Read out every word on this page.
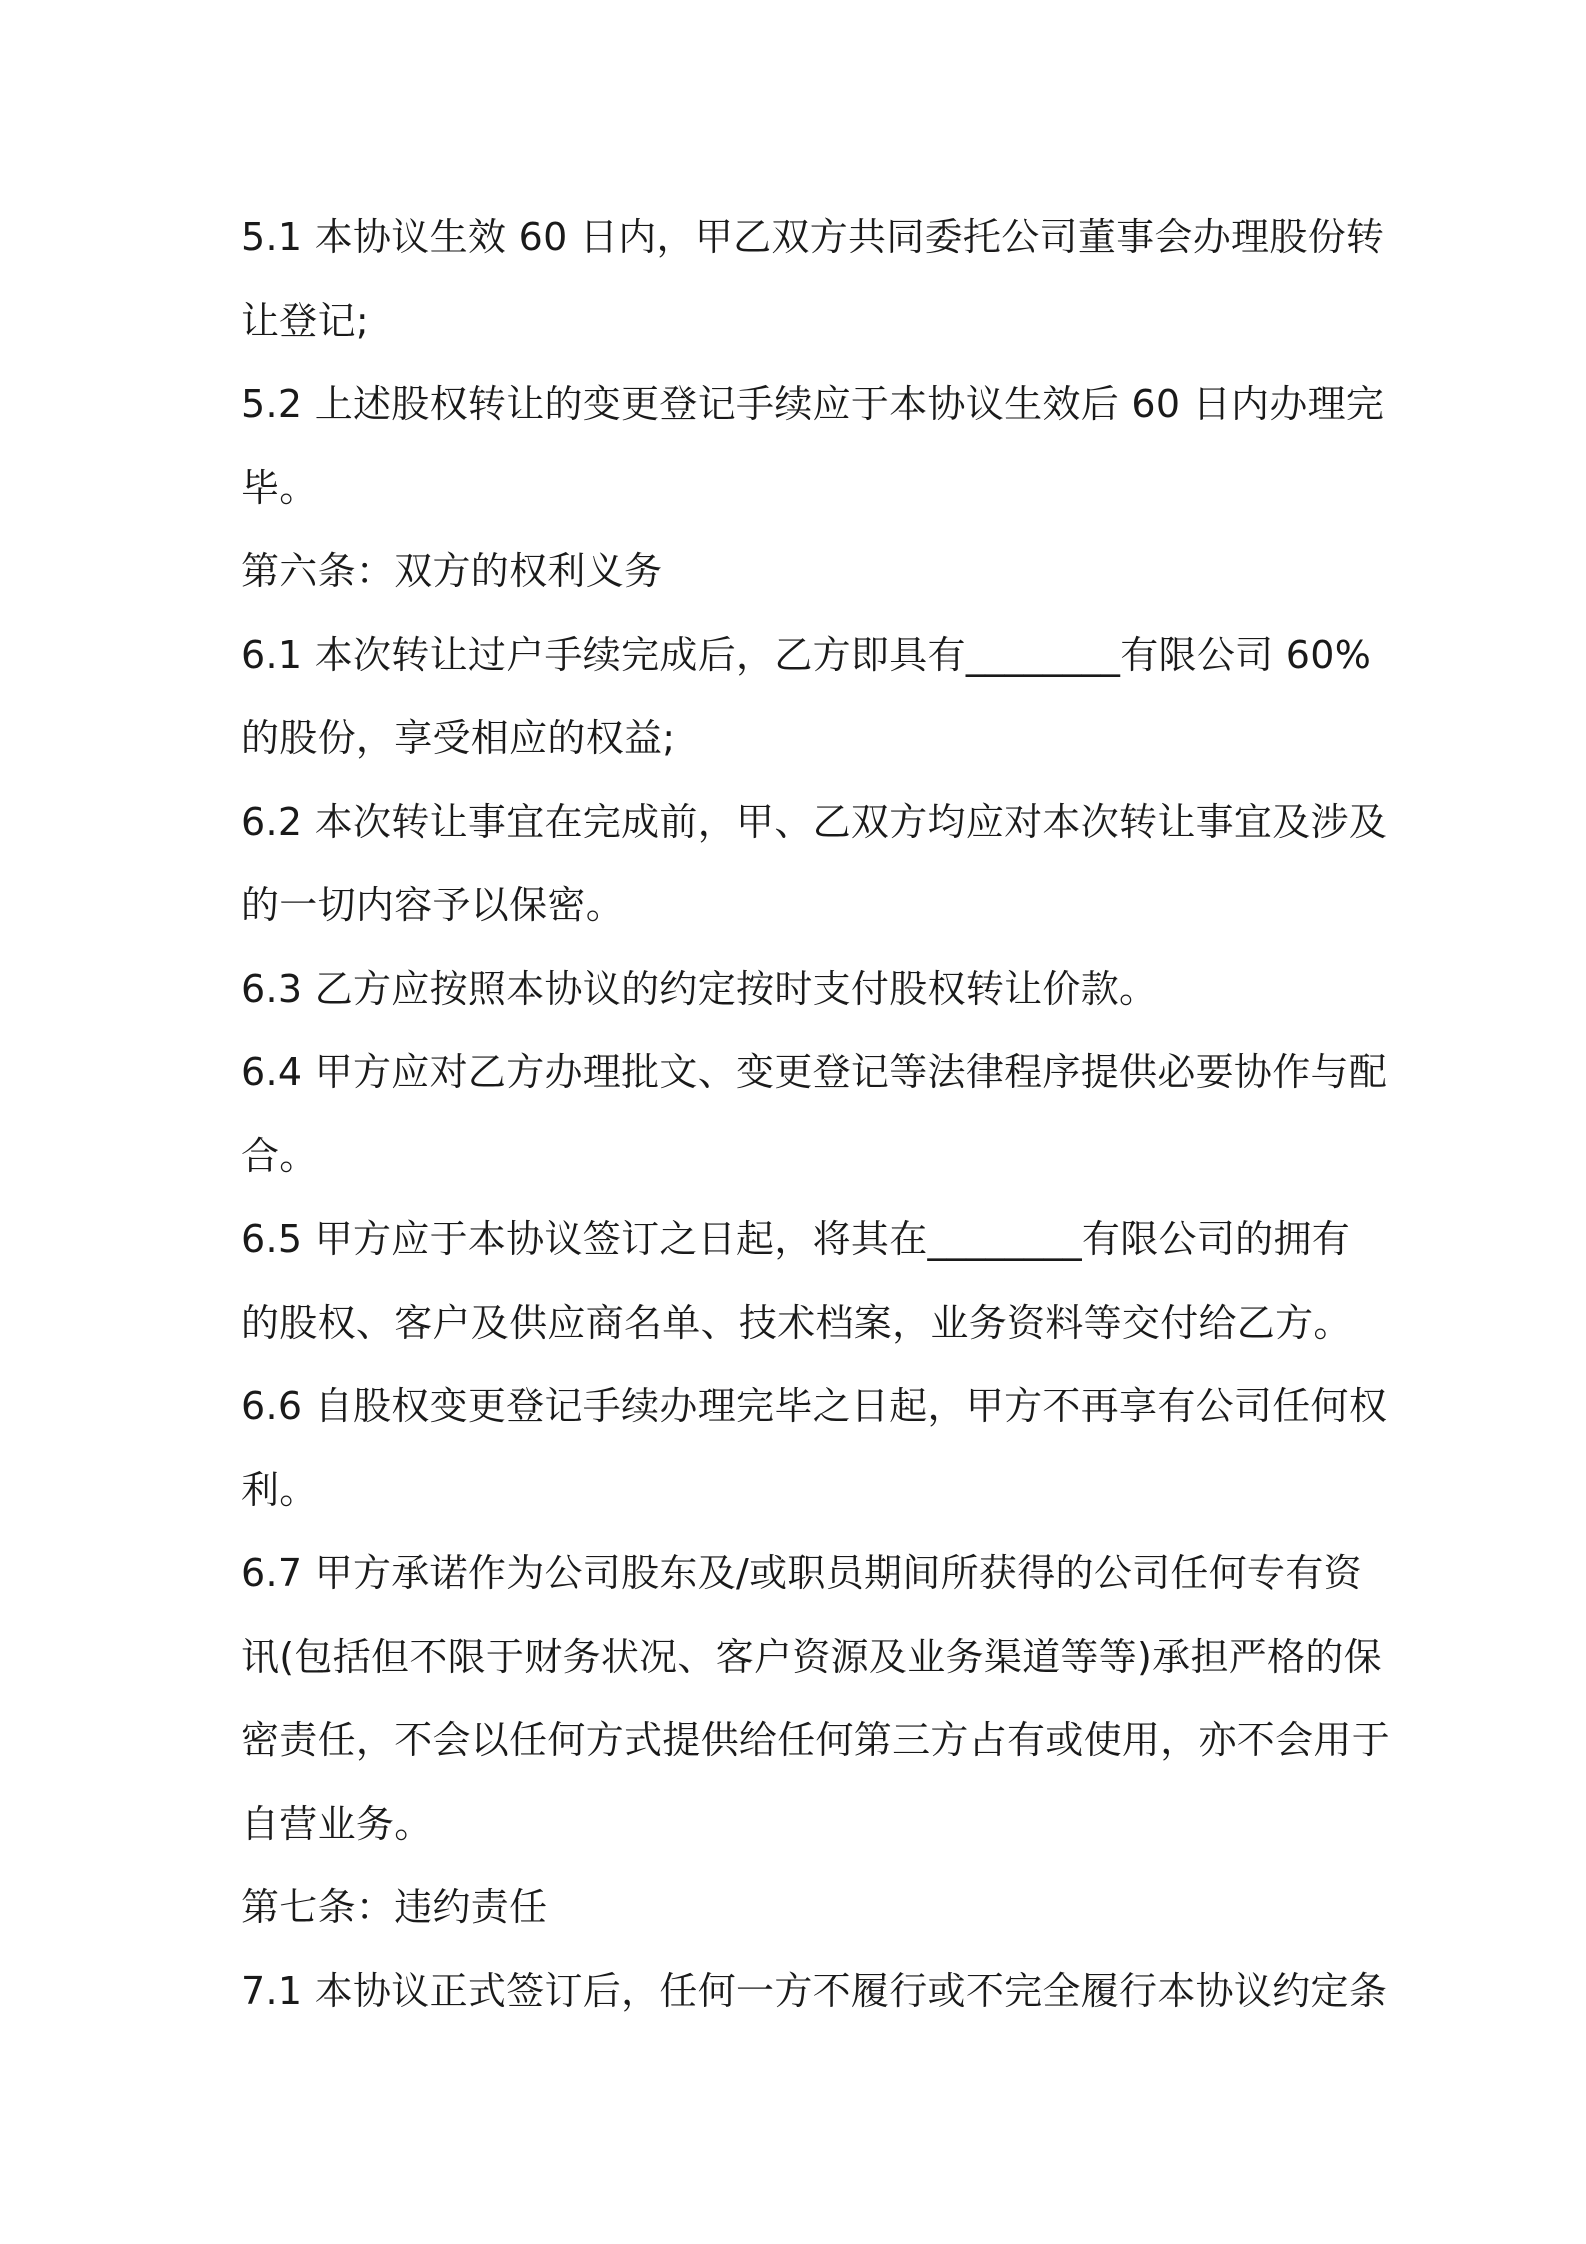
5.1 本协议生效 60 日内，甲乙双方共同委托公司董事会办理股份转
让登记;
5.2 上述股权转让的变更登记手续应于本协议生效后 60 日内办理完
毕。
第六条：双方的权利义务
6.1 本次转让过户手续完成后，乙方即具有________有限公司 60%
的股份，享受相应的权益;
6.2 本次转让事宜在完成前，甲、乙双方均应对本次转让事宜及涉及
的一切内容予以保密。
6.3 乙方应按照本协议的约定按时支付股权转让价款。
6.4 甲方应对乙方办理批文、变更登记等法律程序提供必要协作与配
合。
6.5 甲方应于本协议签订之日起，将其在________有限公司的拥有
的股权、客户及供应商名单、技术档案，业务资料等交付给乙方。
6.6 自股权变更登记手续办理完毕之日起，甲方不再享有公司任何权
利。
6.7 甲方承诺作为公司股东及/或职员期间所获得的公司任何专有资
讯(包括但不限于财务状况、客户资源及业务渠道等等)承担严格的保
密责任，不会以任何方式提供给任何第三方占有或使用，亦不会用于
自营业务。
第七条：违约责任
7.1 本协议正式签订后，任何一方不履行或不完全履行本协议约定条
